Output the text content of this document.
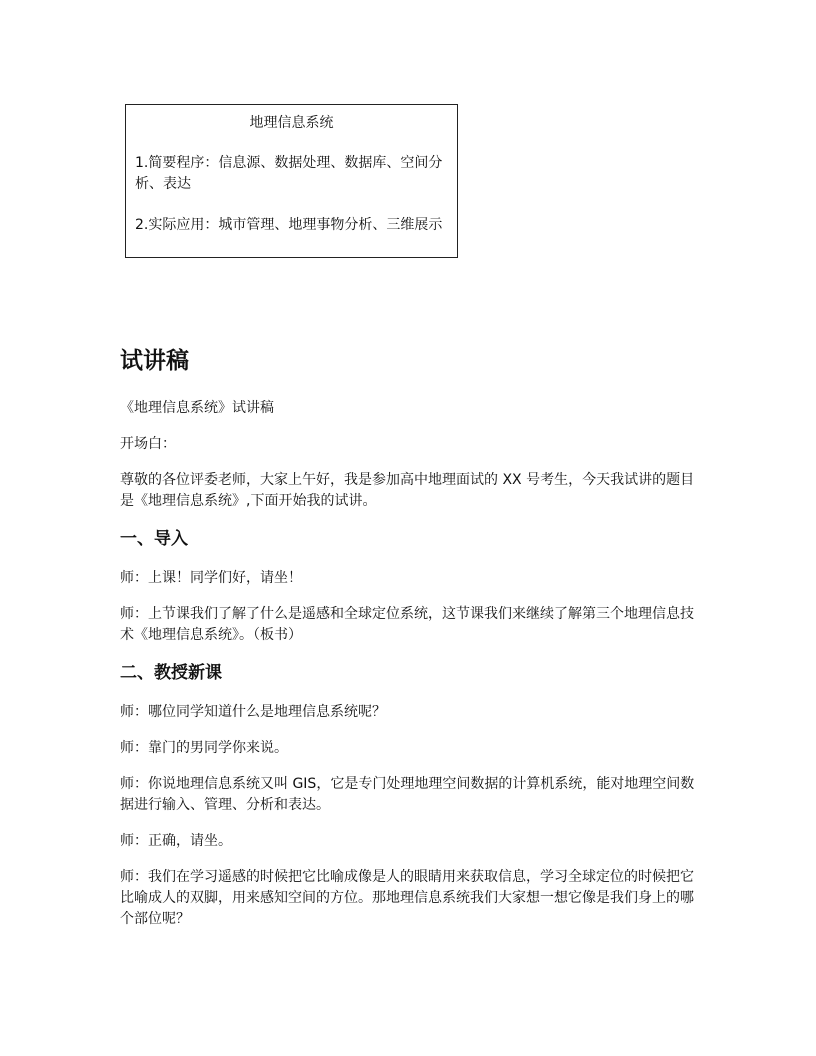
地理信息系统
1.简要程序：信息源、数据处理、数据库、空间分析、表达
2.实际应用：城市管理、地理事物分析、三维展示
试讲稿

《地理信息系统》试讲稿

开场白：

尊敬的各位评委老师，大家上午好，我是参加高中地理面试的 XX 号考生，今天我试讲的题目是《地理信息系统》,下面开始我的试讲。

一、导入

师：上课！同学们好，请坐！

师：上节课我们了解了什么是遥感和全球定位系统，这节课我们来继续了解第三个地理信息技术《地理信息系统》。（板书）

二、教授新课

师：哪位同学知道什么是地理信息系统呢？

师：靠门的男同学你来说。

师：你说地理信息系统又叫 GIS，它是专门处理地理空间数据的计算机系统，能对地理空间数据进行输入、管理、分析和表达。

师：正确，请坐。

师：我们在学习遥感的时候把它比喻成像是人的眼睛用来获取信息，学习全球定位的时候把它比喻成人的双脚，用来感知空间的方位。那地理信息系统我们大家想一想它像是我们身上的哪个部位呢？
